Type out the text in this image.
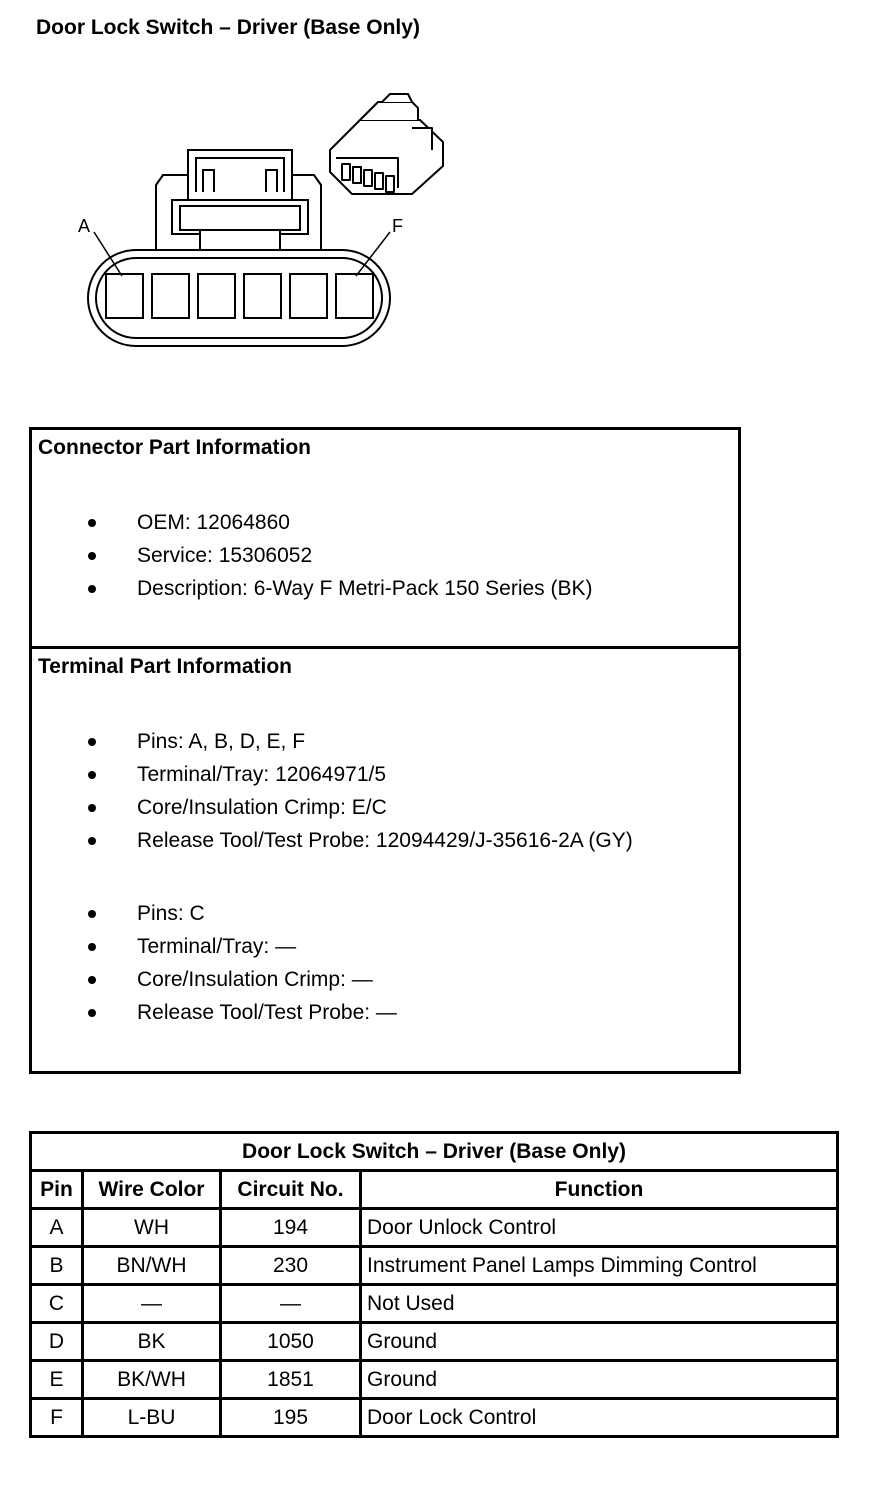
Door Lock Switch – Driver (Base Only)
A	F
Connector Part Information
OEM: 12064860
Service: 15306052
Description: 6-Way F Metri-Pack 150 Series (BK)
Terminal Part Information
Pins: A, B, D, E, F
Terminal/Tray: 12064971/5
Core/Insulation Crimp: E/C
Release Tool/Test Probe: 12094429/J-35616-2A (GY)
Pins: C
Terminal/Tray: —
Core/Insulation Crimp: —
Release Tool/Test Probe: —
Door Lock Switch – Driver (Base Only)			
Pin	Wire Color	Circuit No.	Function
A	WH	194	Door Unlock Control
B	BN/WH	230	Instrument Panel Lamps Dimming Control
C	—	—	Not Used
D	BK	1050	Ground
E	BK/WH	1851	Ground
F	L-BU	195	Door Lock Control
